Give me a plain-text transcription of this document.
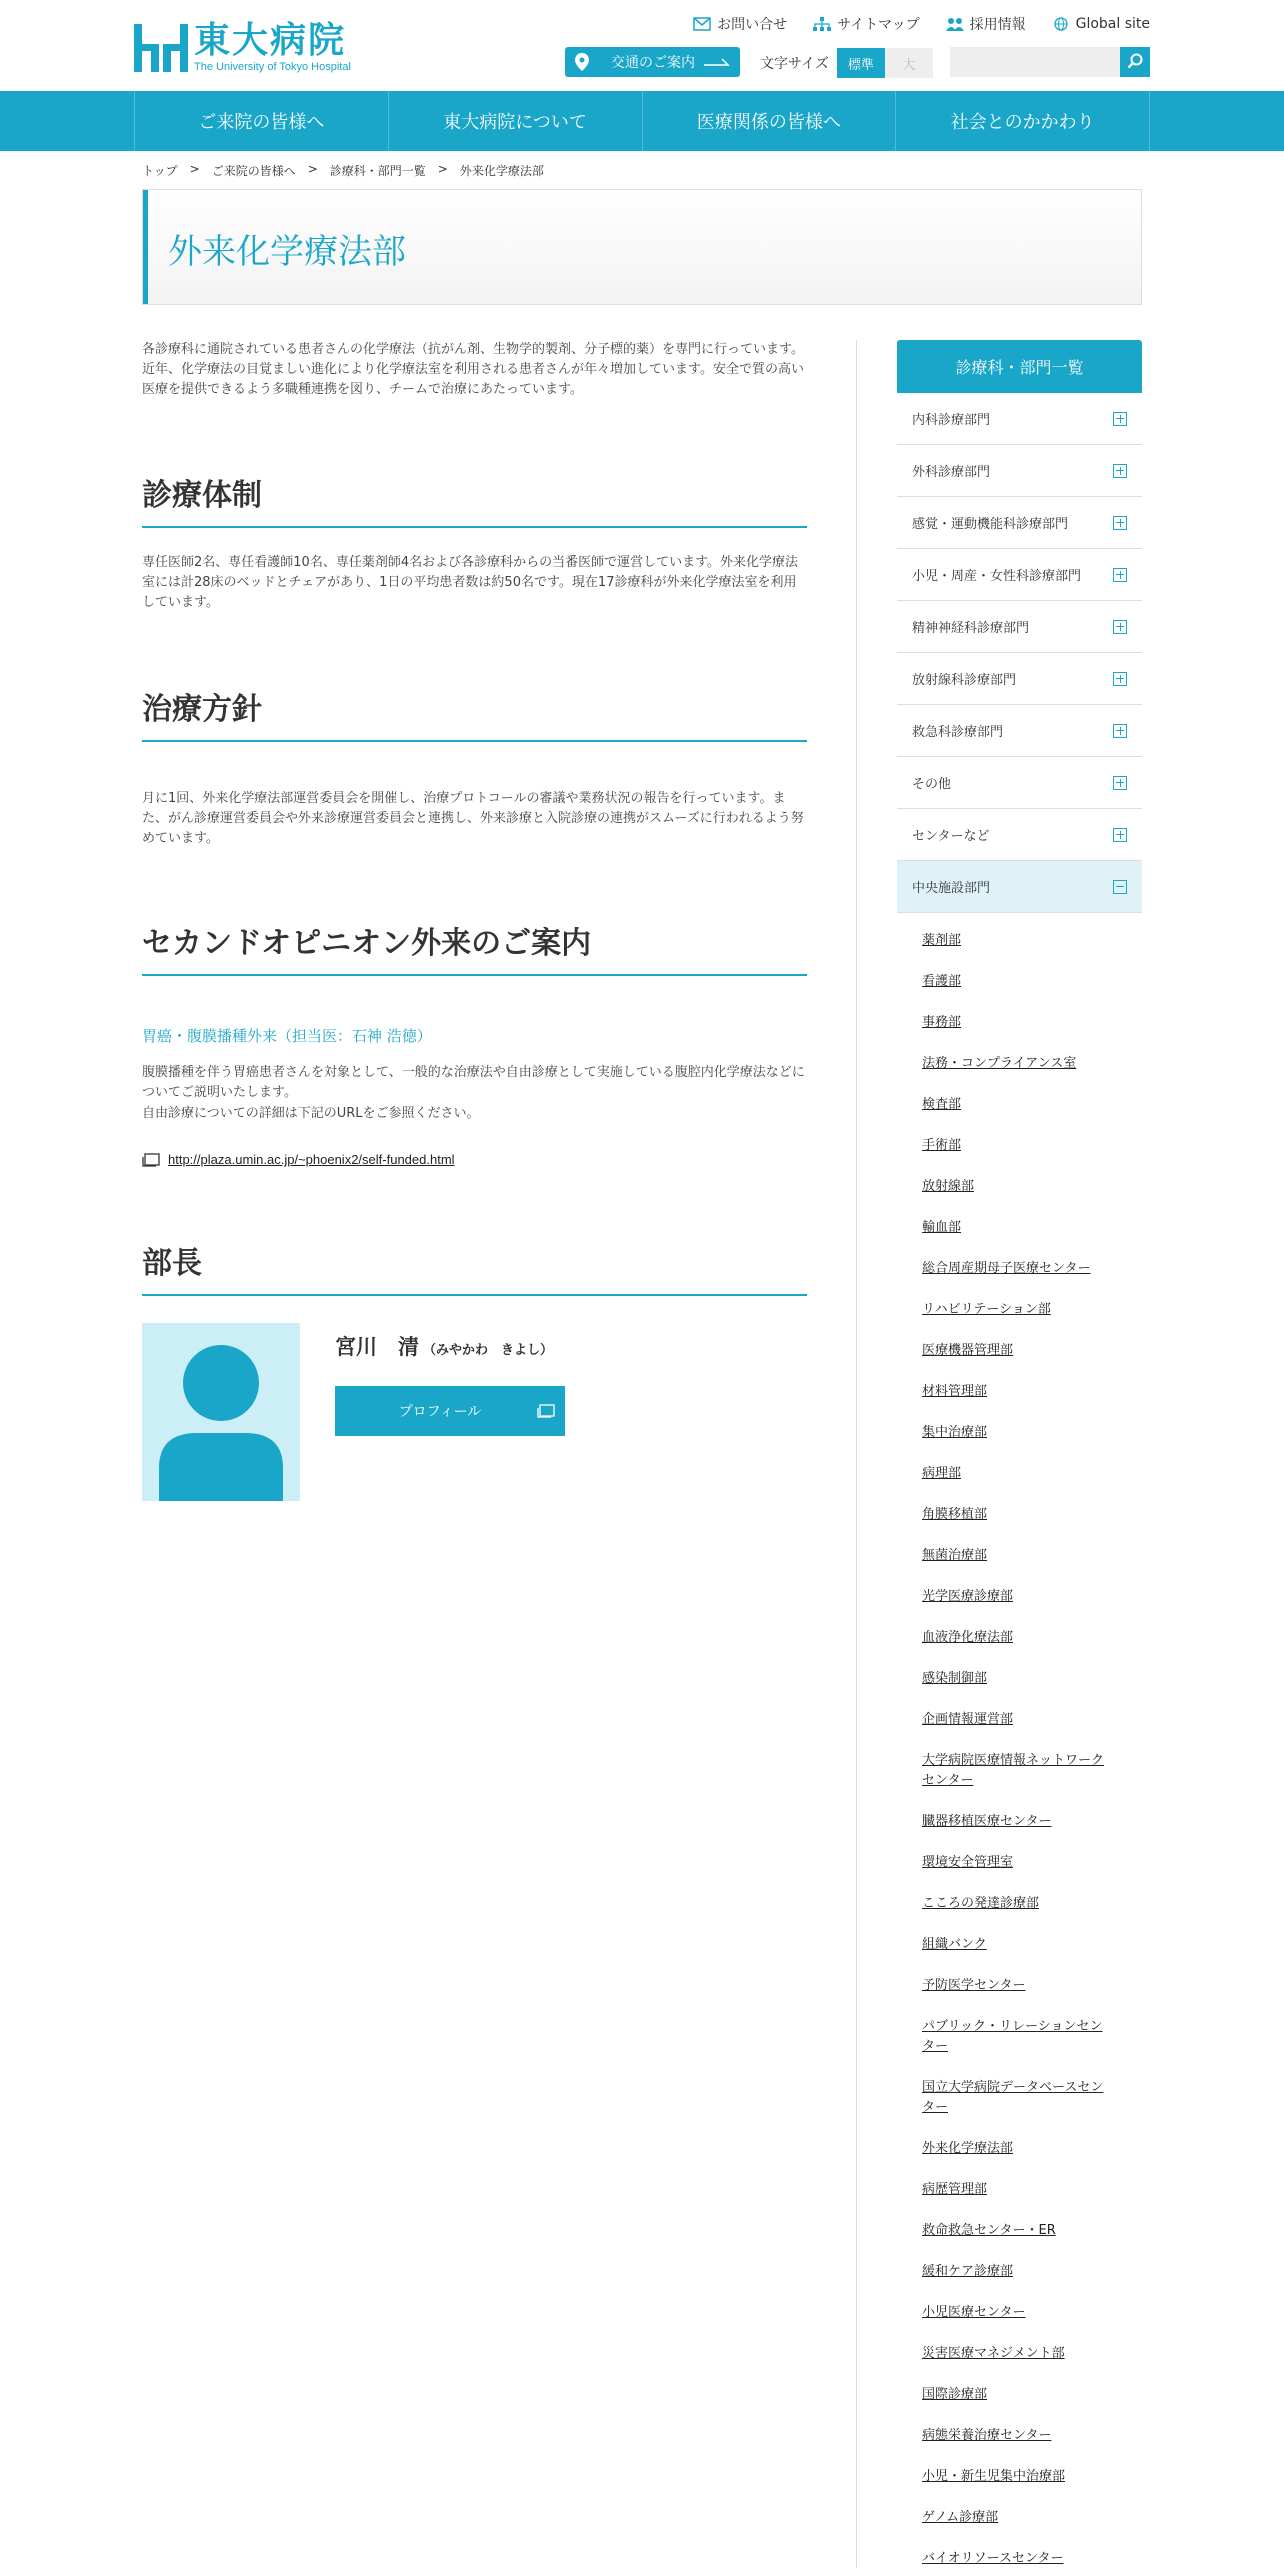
東大病院
The University of Tokyo Hospital
お問い合せ	サイトマップ	採用情報	Global site
交通のご案内	文字サイズ	標準	大
ご来院の皆様へ	東大病院について	医療関係の皆様へ	社会とのかかわり
トップ > ご来院の皆様へ > 診療科・部門一覧 > 外来化学療法部
外来化学療法部

各診療科に通院されている患者さんの化学療法（抗がん剤、生物学的製剤、分子標的薬）を専門に行っています。近年、化学療法の目覚ましい進化により化学療法室を利用される患者さんが年々増加しています。安全で質の高い医療を提供できるよう多職種連携を図り、チームで治療にあたっています。

診療体制

専任医師2名、専任看護師10名、専任薬剤師4名および各診療科からの当番医師で運営しています。外来化学療法室には計28床のベッドとチェアがあり、1日の平均患者数は約50名です。現在17診療科が外来化学療法室を利用しています。

治療方針

月に1回、外来化学療法部運営委員会を開催し、治療プロトコールの審議や業務状況の報告を行っています。また、がん診療運営委員会や外来診療運営委員会と連携し、外来診療と入院診療の連携がスムーズに行われるよう努めています。

セカンドオピニオン外来のご案内
胃癌・腹膜播種外来（担当医：石神 浩徳）

腹膜播種を伴う胃癌患者さんを対象として、一般的な治療法や自由診療として実施している腹腔内化学療法などについてご説明いたします。

自由診療についての詳細は下記のURLをご参照ください。

http://plaza.umin.ac.jp/~phoenix2/self-funded.html
部長
宮川　清 （みやかわ　きよし）
プロフィール
診療科・部門一覧
内科診療部門
外科診療部門
感覚・運動機能科診療部門
小児・周産・女性科診療部門
精神神経科診療部門
放射線科診療部門
救急科診療部門
その他
センターなど
中央施設部門
薬剤部
看護部
事務部
法務・コンプライアンス室
検査部
手術部
放射線部
輸血部
総合周産期母子医療センター
リハビリテーション部
医療機器管理部
材料管理部
集中治療部
病理部
角膜移植部
無菌治療部
光学医療診療部
血液浄化療法部
感染制御部
企画情報運営部
大学病院医療情報ネットワークセンター
臓器移植医療センター
環境安全管理室
こころの発達診療部
組織バンク
予防医学センター
パブリック・リレーションセンター
国立大学病院データベースセンター
外来化学療法部
病歴管理部
救命救急センター・ER
緩和ケア診療部
小児医療センター
災害医療マネジメント部
国際診療部
病態栄養治療センター
小児・新生児集中治療部
ゲノム診療部
バイオリソースセンター
